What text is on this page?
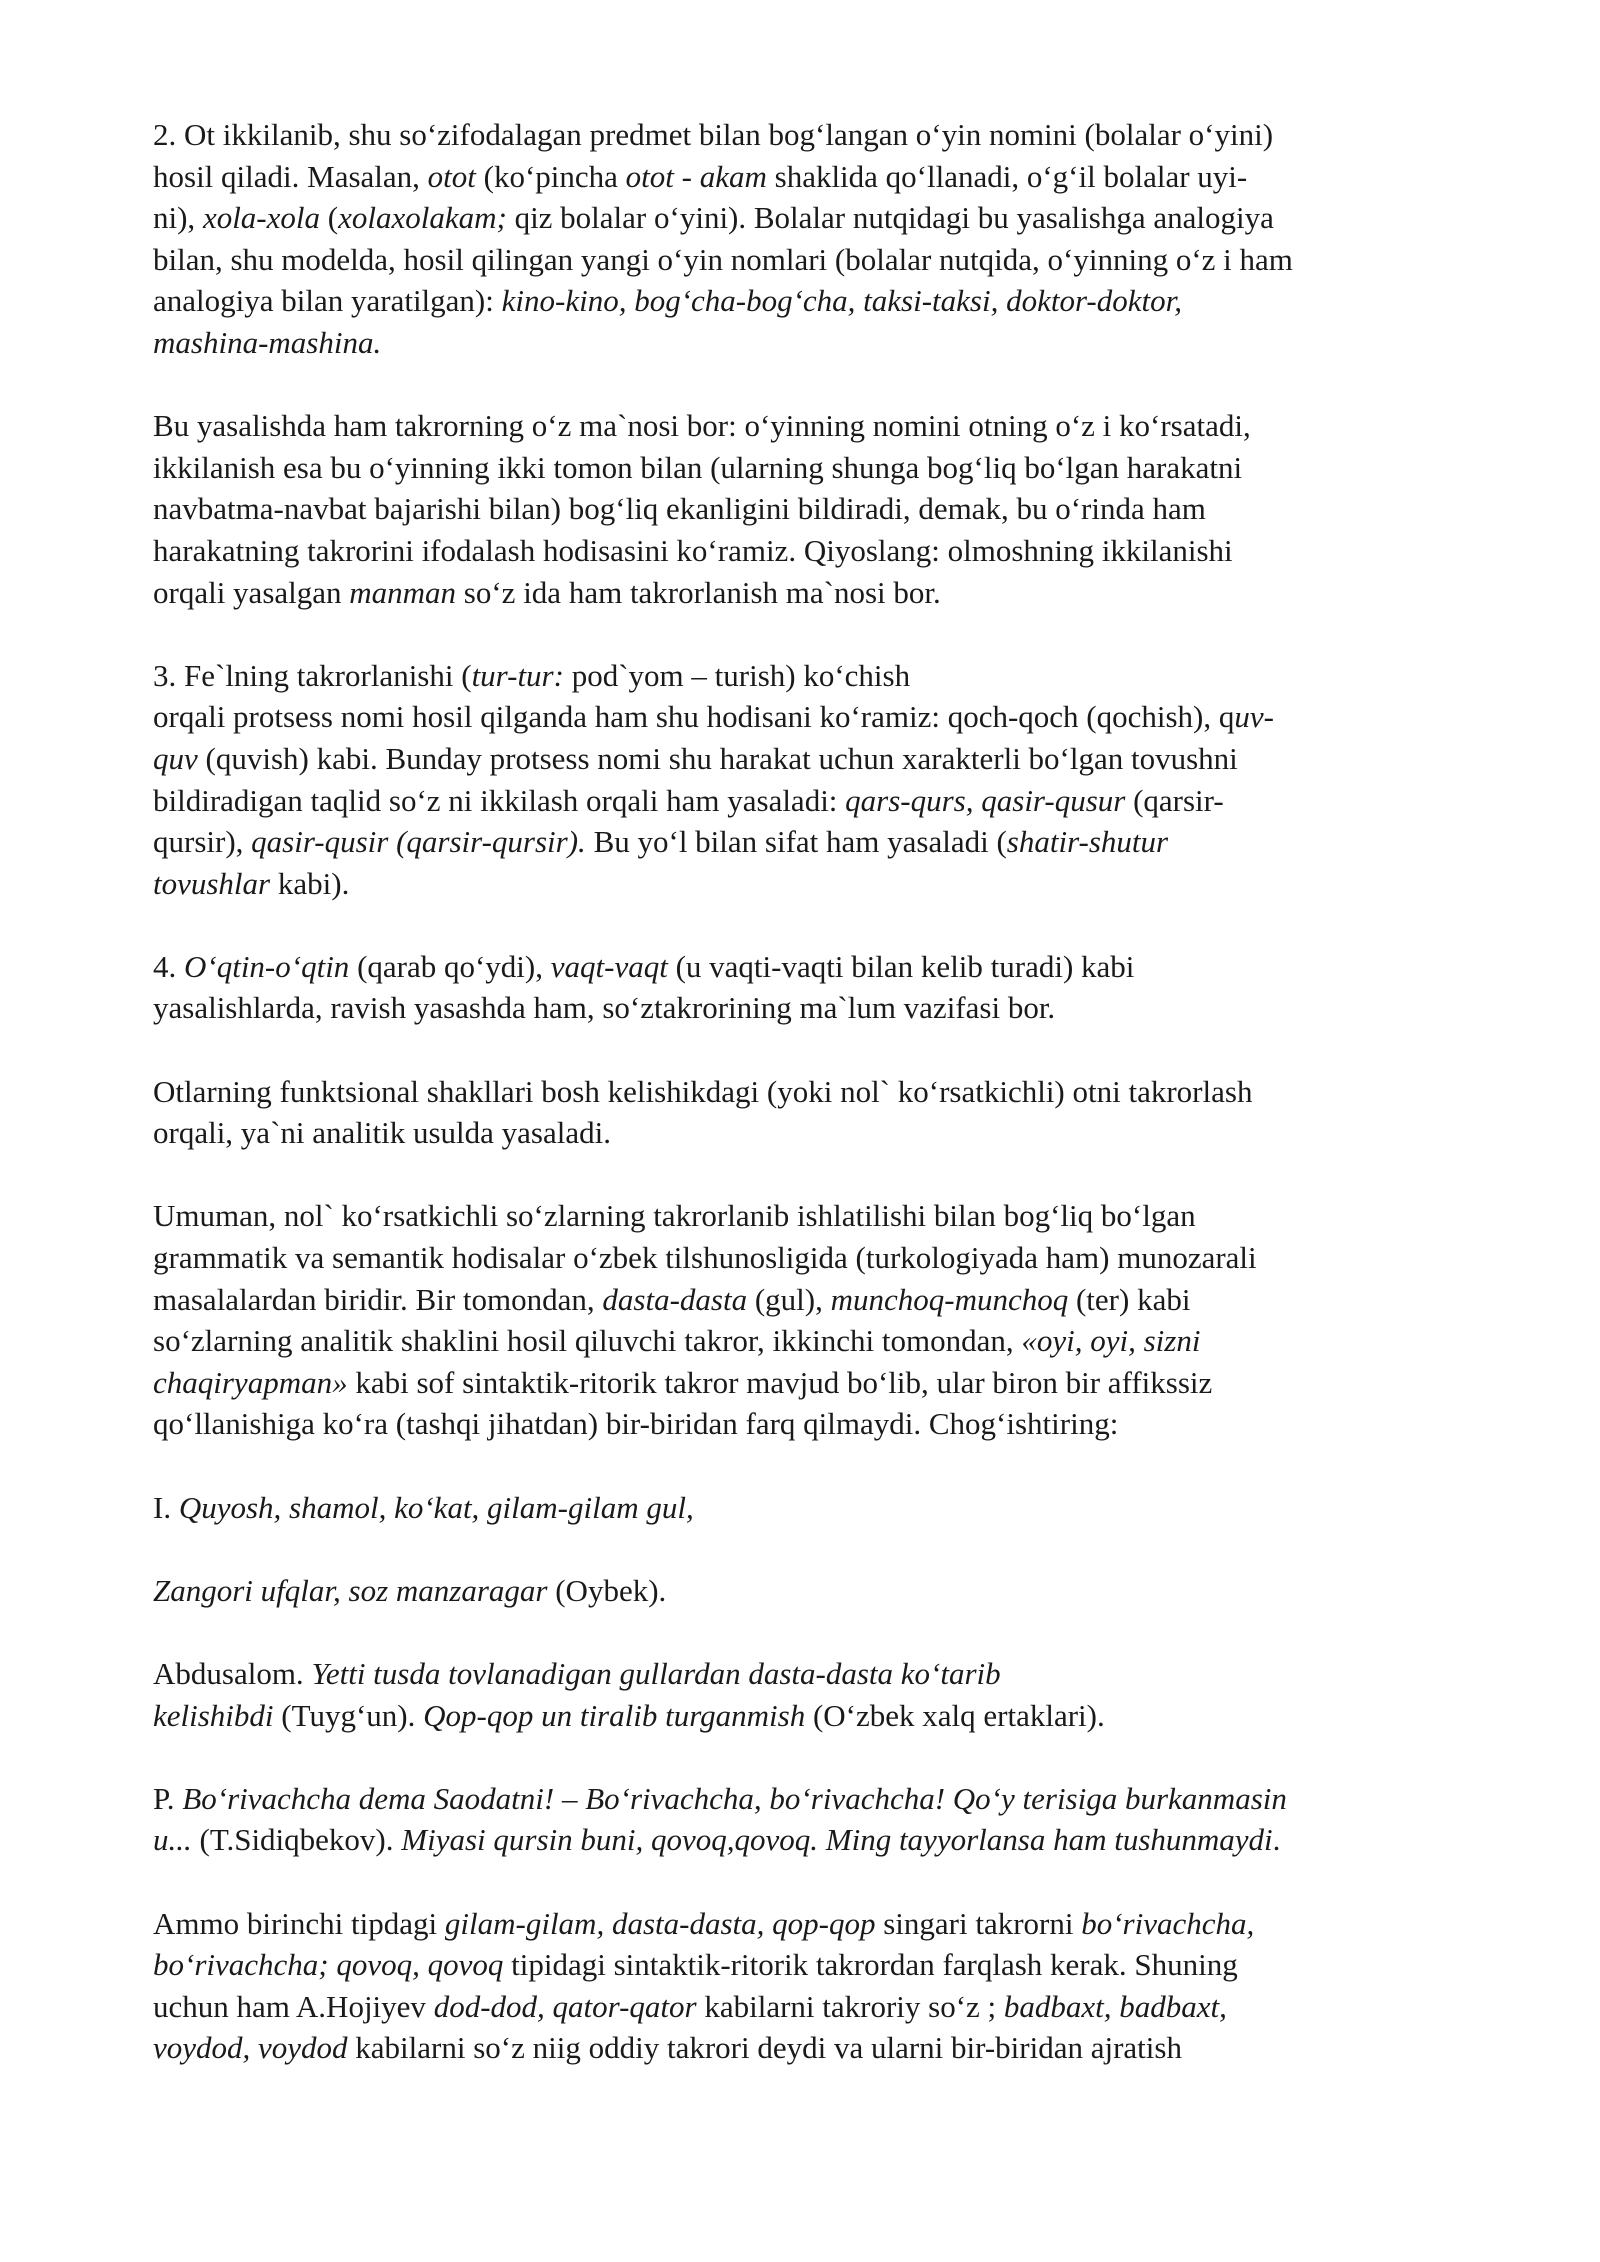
2. Ot ikkilanib, shu so‘zifodalagan predmet bilan bog‘langan o‘yin nomini (bolalar o‘yini)
hosil qiladi. Masalan, otot (ko‘pincha otot - akam shaklida qo‘llanadi, o‘g‘il bolalar uyi-
ni), xola-xola (xolaxolakam; qiz bolalar o‘yini). Bolalar nutqidagi bu yasalishga analogiya
bilan, shu modelda, hosil qilingan yangi o‘yin nomlari (bolalar nutqida, o‘yinning o‘z i ham
analogiya bilan yaratilgan): kino-kino, bog‘cha-bog‘cha, taksi-taksi, doktor-doktor,
mashina-mashina.

Bu yasalishda ham takrorning o‘z ma`nosi bor: o‘yinning nomini otning o‘z i ko‘rsatadi,
ikkilanish esa bu o‘yinning ikki tomon bilan (ularning shunga bog‘liq bo‘lgan harakatni
navbatma-navbat bajarishi bilan) bog‘liq ekanligini bildiradi, demak, bu o‘rinda ham
harakatning takrorini ifodalash hodisasini ko‘ramiz. Qiyoslang: olmoshning ikkilanishi
orqali yasalgan manman so‘z ida ham takrorlanish ma`nosi bor.

3. Fe`lning takrorlanishi (tur-tur: pod`yom – turish) ko‘chish
orqali protsess nomi hosil qilganda ham shu hodisani ko‘ramiz: qoch-qoch (qochish), quv-
quv (quvish) kabi. Bunday protsess nomi shu harakat uchun xarakterli bo‘lgan tovushni
bildiradigan taqlid so‘z ni ikkilash orqali ham yasaladi: qars-qurs, qasir-qusur (qarsir-
qursir), qasir-qusir (qarsir-qursir). Bu yo‘l bilan sifat ham yasaladi (shatir-shutur
tovushlar kabi).

4. O‘qtin-o‘qtin (qarab qo‘ydi), vaqt-vaqt (u vaqti-vaqti bilan kelib turadi) kabi
yasalishlarda, ravish yasashda ham, so‘ztakrorining ma`lum vazifasi bor.

Otlarning funktsional shakllari bosh kelishikdagi (yoki nol` ko‘rsatkichli) otni takrorlash
orqali, ya`ni analitik usulda yasaladi.

Umuman, nol` ko‘rsatkichli so‘zlarning takrorlanib ishlatilishi bilan bog‘liq bo‘lgan
grammatik va semantik hodisalar o‘zbek tilshunosligida (turkologiyada ham) munozarali
masalalardan biridir. Bir tomondan, dasta-dasta (gul), munchoq-munchoq (ter) kabi
so‘zlarning analitik shaklini hosil qiluvchi takror, ikkinchi tomondan, «oyi, oyi, sizni
chaqiryapman» kabi sof sintaktik-ritorik takror mavjud bo‘lib, ular biron bir affikssiz
qo‘llanishiga ko‘ra (tashqi jihatdan) bir-biridan farq qilmaydi. Chog‘ishtiring:

I. Quyosh, shamol, ko‘kat, gilam-gilam gul,

Zangori ufqlar, soz manzaragar (Oybek).

Abdusalom. Yetti tusda tovlanadigan gullardan dasta-dasta ko‘tarib
kelishibdi (Tuyg‘un). Qop-qop un tiralib turganmish (O‘zbek xalq ertaklari).

P. Bo‘rivachcha dema Saodatni! – Bo‘rivachcha, bo‘rivachcha! Qo‘y terisiga burkanmasin
u... (T.Sidiqbekov). Miyasi qursin buni, qovoq,qovoq. Ming tayyorlansa ham tushunmaydi.

Ammo birinchi tipdagi gilam-gilam, dasta-dasta, qop-qop singari takrorni bo‘rivachcha,
bo‘rivachcha; qovoq, qovoq tipidagi sintaktik-ritorik takrordan farqlash kerak. Shuning
uchun ham A.Hojiyev dod-dod, qator-qator kabilarni takroriy so‘z ; badbaxt, badbaxt,
voydod, voydod kabilarni so‘z niig oddiy takrori deydi va ularni bir-biridan ajratish
